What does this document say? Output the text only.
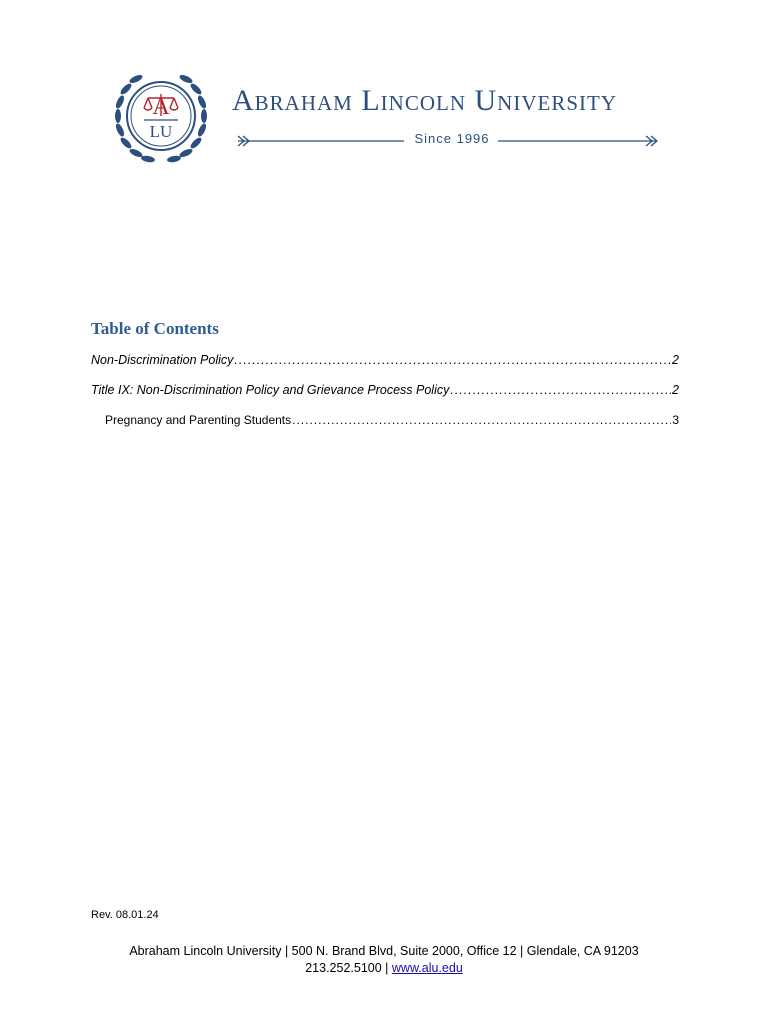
A
LU
Abraham Lincoln University
Since 1996
Table of Contents
Non-Discrimination Policy .....	2
Title IX: Non-Discrimination Policy and Grievance Process Policy .....	2
Pregnancy and Parenting Students .....	3
Rev. 08.01.24
Abraham Lincoln University | 500 N. Brand Blvd, Suite 2000, Office 12 | Glendale, CA 91203
213.252.5100 | www.alu.edu
